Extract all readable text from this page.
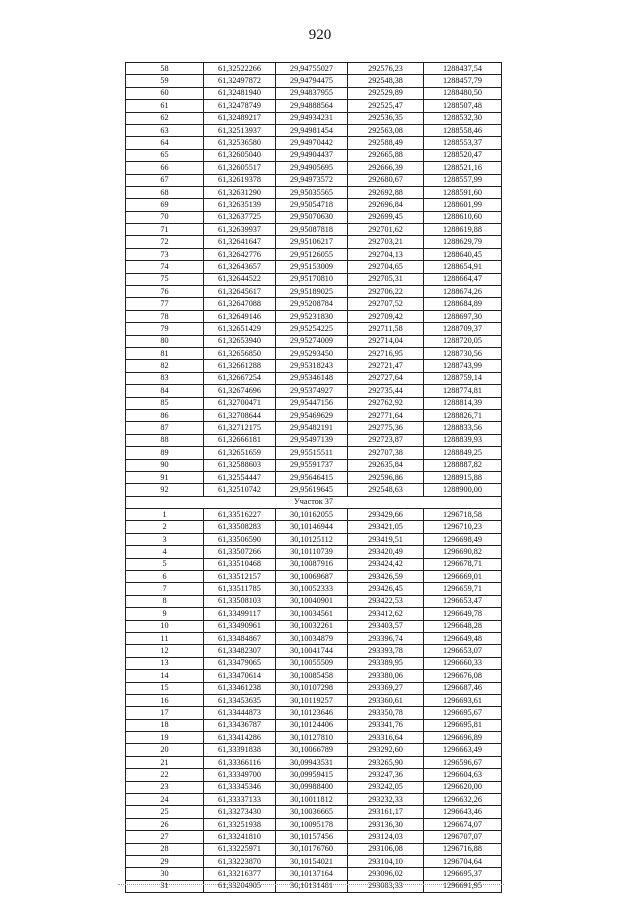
920
58	61,32522266	29,94755027	292576,23	1288437,54
59	61,32497872	29,94794475	292548,38	1288457,79
60	61,32481940	29,94837955	292529,89	1288480,50
61	61,32478749	29,94888564	292525,47	1288507,48
62	61,32489217	29,94934231	292536,35	1288532,30
63	61,32513937	29,94981454	292563,08	1288558,46
64	61,32536580	29,94970442	292588,49	1288553,37
65	61,32605040	29,94904437	292665,88	1288520,47
66	61,32605517	29,94905695	292666,39	1288521,16
67	61,32619378	29,94973572	292680,67	1288557,99
68	61,32631290	29,95035565	292692,88	1288591,60
69	61,32635139	29,95054718	292696,84	1288601,99
70	61,32637725	29,95070630	292699,45	1288610,60
71	61,32639937	29,95087818	292701,62	1288619,88
72	61,32641647	29,95106217	292703,21	1288629,79
73	61,32642776	29,95126055	292704,13	1288640,45
74	61,32643657	29,95153009	292704,65	1288654,91
75	61,32644522	29,95170810	292705,31	1288664,47
76	61,32645617	29,95189025	292706,22	1288674,26
77	61,32647088	29,95208784	292707,52	1288684,89
78	61,32649146	29,95231830	292709,42	1288697,30
79	61,32651429	29,95254225	292711,58	1288709,37
80	61,32653940	29,95274009	292714,04	1288720,05
81	61,32656850	29,95293450	292716,95	1288730,56
82	61,32661288	29,95318243	292721,47	1288743,99
83	61,32667254	29,95346148	292727,64	1288759,14
84	61,32674696	29,95374927	292735,44	1288774,81
85	61,32700471	29,95447156	292762,92	1288814,39
86	61,32708644	29,95469629	292771,64	1288826,71
87	61,32712175	29,95482191	292775,36	1288833,56
88	61,32666181	29,95497139	292723,87	1288839,93
89	61,32651659	29,95515511	292707,38	1288849,25
90	61,32588603	29,95591737	292635,84	1288887,82
91	61,32554447	29,95646415	292596,86	1288915,88
92	61,32510742	29,95619645	292548,63	1288900,00
Участок 37				
1	61,33516227	30,10162055	293429,66	1296718,58
2	61,33508283	30,10146944	293421,05	1296710,23
3	61,33506590	30,10125112	293419,51	1296698,49
4	61,33507266	30,10110739	293420,49	1296690,82
5	61,33510468	30,10087916	293424,42	1296678,71
6	61,33512157	30,10069687	293426,59	1296669,01
7	61,33511785	30,10052333	293426,45	1296659,71
8	61,33508103	30,10040901	293422,53	1296653,47
9	61,33499117	30,10034561	293412,62	1296649,78
10	61,33490961	30,10032261	293403,57	1296648,28
11	61,33484867	30,10034879	293396,74	1296649,48
12	61,33482307	30,10041744	293393,78	1296653,07
13	61,33479065	30,10055509	293389,95	1296660,33
14	61,33470614	30,10085458	293380,06	1296676,08
15	61,33461238	30,10107298	293369,27	1296687,46
16	61,33453635	30,10119257	293360,61	1296693,61
17	61,33444873	30,10123646	293350,78	1296695,67
18	61,33436787	30,10124406	293341,76	1296695,81
19	61,33414286	30,10127810	293316,64	1296696,89
20	61,33391838	30,10066789	293292,60	1296663,49
21	61,33366116	30,09943531	293265,90	1296596,67
22	61,33349700	30,09959415	293247,36	1296604,63
23	61,33345346	30,09988400	293242,05	1296620,00
24	61,33337133	30,10011812	293232,33	1296632,26
25	61,33273430	30,10036665	293161,17	1296643,46
26	61,33251938	30,10095178	293136,30	1296674,07
27	61,33241810	30,10157456	293124,03	1296707,07
28	61,33225971	30,10176760	293106,08	1296716,88
29	61,33223870	30,10154021	293104,10	1296704,64
30	61,33216377	30,10137164	293096,02	1296695,37
31	61,33204905	30,10131481	293083,33	1296691,95
